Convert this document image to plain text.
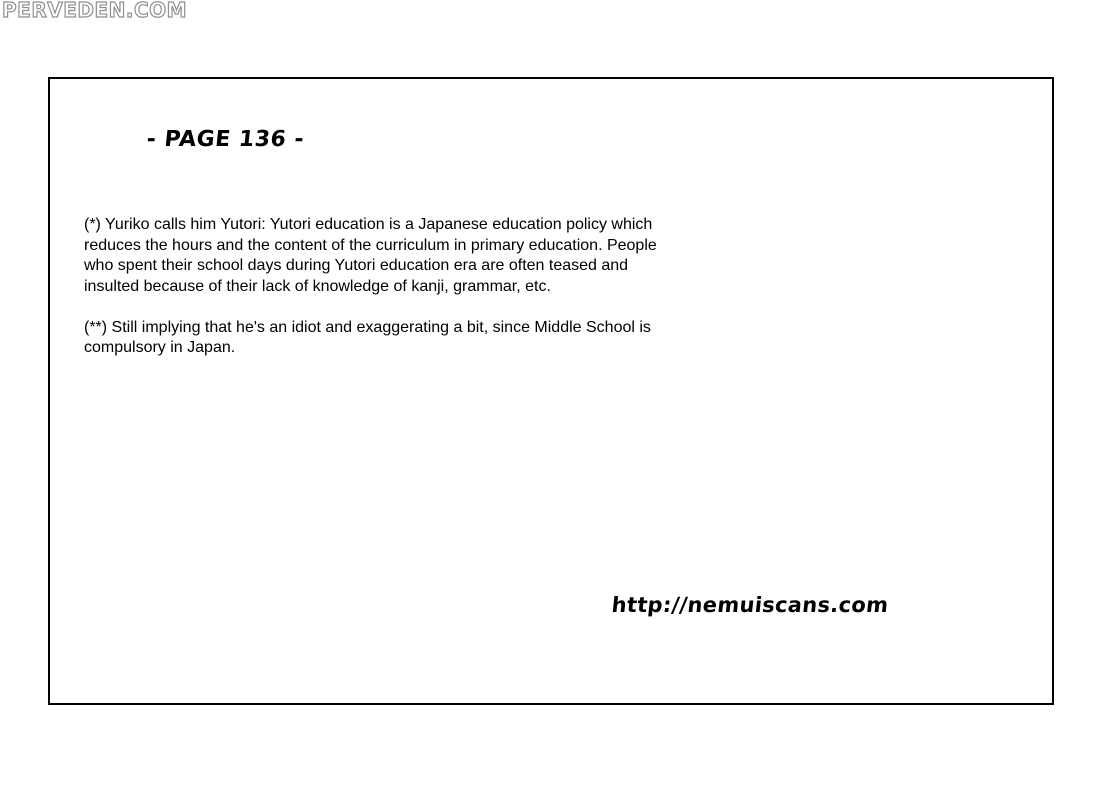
PERVEDEN.COM
- PAGE 136 -

(*) Yuriko calls him Yutori: Yutori education is a Japanese education policy which reduces the hours and the content of the curriculum in primary education. People who spent their school days during Yutori education era are often teased and insulted because of their lack of knowledge of kanji, grammar, etc.

(**) Still implying that he's an idiot and exaggerating a bit, since Middle School is compulsory in Japan.

http://nemuiscans.com
